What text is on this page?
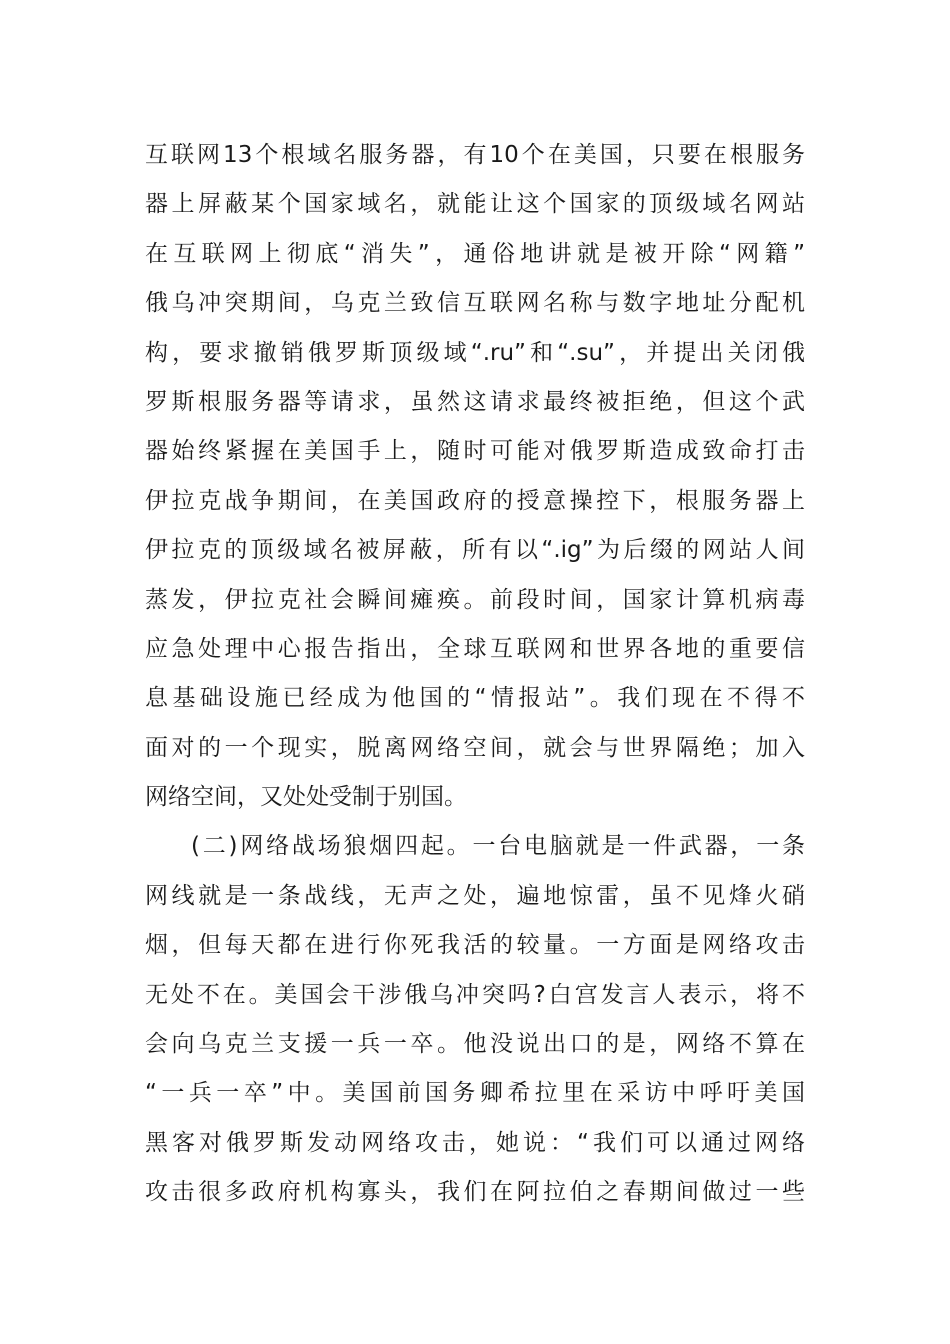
互联网13个根域名服务器，有10个在美国，只要在根服务
器上屏蔽某个国家域名，就能让这个国家的顶级域名网站
在互联网上彻底“消失”，通俗地讲就是被开除“网籍”
俄乌冲突期间，乌克兰致信互联网名称与数字地址分配机
构，要求撤销俄罗斯顶级域“.ru”和“.su”，并提出关闭俄
罗斯根服务器等请求，虽然这请求最终被拒绝，但这个武
器始终紧握在美国手上，随时可能对俄罗斯造成致命打击
伊拉克战争期间，在美国政府的授意操控下，根服务器上
伊拉克的顶级域名被屏蔽，所有以“.ig”为后缀的网站人间
蒸发，伊拉克社会瞬间瘫痪。前段时间，国家计算机病毒
应急处理中心报告指出，全球互联网和世界各地的重要信
息基础设施已经成为他国的“情报站”。我们现在不得不
面对的一个现实，脱离网络空间，就会与世界隔绝；加入
网络空间，又处处受制于别国。
(二)网络战场狼烟四起。一台电脑就是一件武器，一条
网线就是一条战线，无声之处，遍地惊雷，虽不见烽火硝
烟，但每天都在进行你死我活的较量。一方面是网络攻击
无处不在。美国会干涉俄乌冲突吗?白宫发言人表示，将不
会向乌克兰支援一兵一卒。他没说出口的是，网络不算在
“一兵一卒”中。美国前国务卿希拉里在采访中呼吁美国
黑客对俄罗斯发动网络攻击，她说：“我们可以通过网络
攻击很多政府机构寡头，我们在阿拉伯之春期间做过一些
